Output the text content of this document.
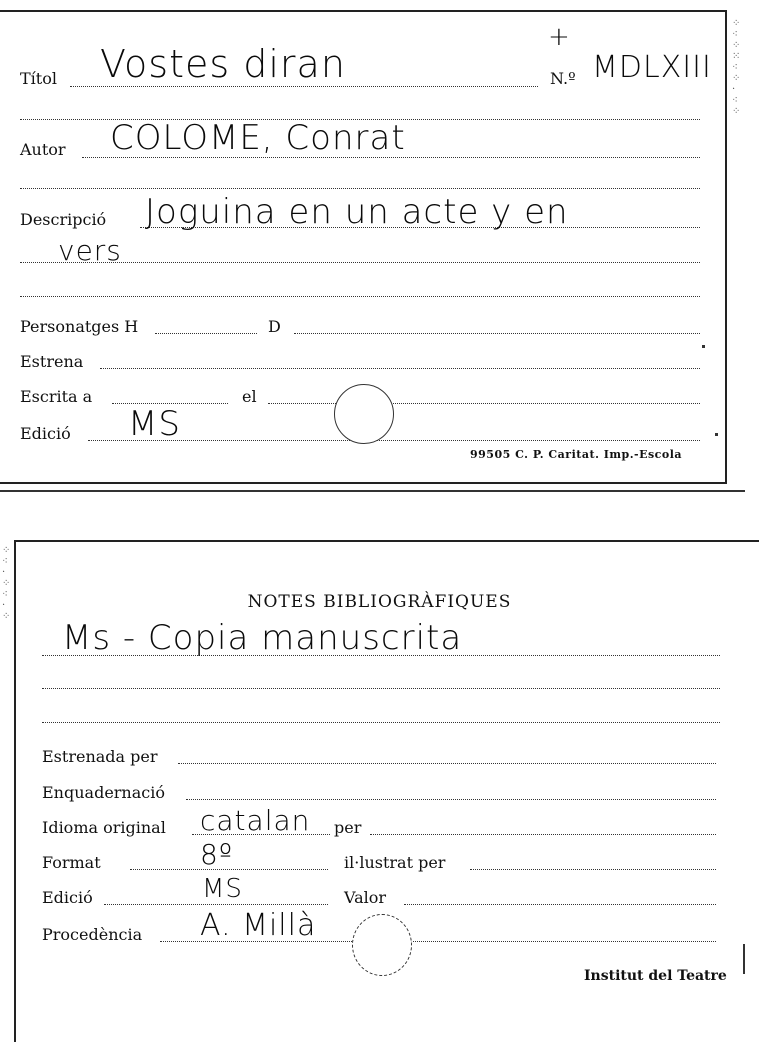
Títol Vostes diran
+
N.º MDLXIII
Autor COLOME, Conrat
Descripció Joguina en un acte y en
vers
Personatges H	D
Estrena
Escrita a	el
Edició MS
99505 C. P. Caritat. Imp.-Escola
⁘
⁖
⁘
⁙
⁖
⁘
·
⁖
⁘
⁘
⁖
·
⁘
⁖
·
⁘
NOTES BIBLIOGRÀFIQUES
Ms - Copia manuscrita
Estrenada per
Enquadernació
Idioma original catalan per
Format	8º	il·lustrat per
Edició	MS	Valor
Procedència A. Millà
Institut del Teatre
